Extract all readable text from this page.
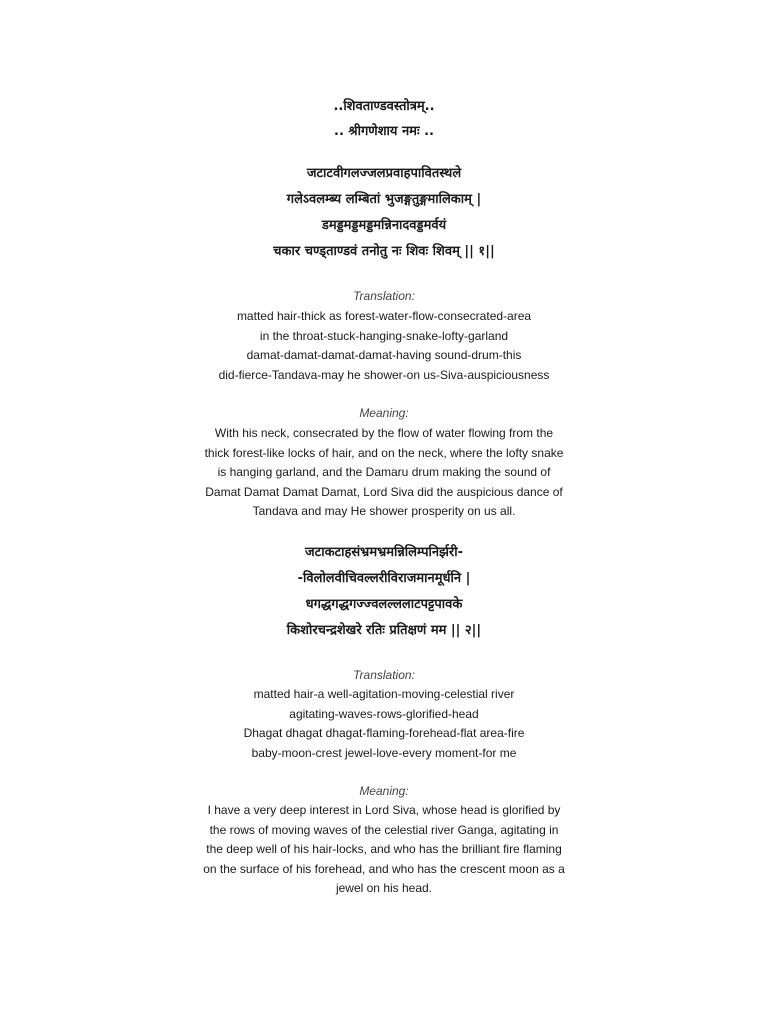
..शिवताण्डवस्तोत्रम्..
.. श्रीगणेशाय नमः ..
जटाटवीगलज्जलप्रवाहपावितस्थले
गलेऽवलम्ब्य लम्बितां भुजङ्गतुङ्गमालिकाम् |
डमड्डमड्डमड्डमन्निनादवड्डमर्वयं
चकार चण्ड्ताण्डवं तनोतु नः शिवः शिवम् || १||
Translation:
matted hair-thick as forest-water-flow-consecrated-area
in the throat-stuck-hanging-snake-lofty-garland
damat-damat-damat-damat-having sound-drum-this
did-fierce-Tandava-may he shower-on us-Siva-auspiciousness
Meaning:
With his neck, consecrated by the flow of water flowing from the
thick forest-like locks of hair, and on the neck, where the lofty snake
is hanging garland, and the Damaru drum making the sound of
Damat Damat Damat Damat, Lord Siva did the auspicious dance of
Tandava and may He shower prosperity on us all.
जटाकटाहसंभ्रमभ्रमन्निलिम्पनिर्झरी-
-विलोलवीचिवल्लरीविराजमानमूर्धनि |
धगद्धगद्धगज्ज्वलल्ललाटपट्टपावके
किशोरचन्द्रशेखरे रतिः प्रतिक्षणं मम || २||
Translation:
matted hair-a well-agitation-moving-celestial river
agitating-waves-rows-glorified-head
Dhagat dhagat dhagat-flaming-forehead-flat area-fire
baby-moon-crest jewel-love-every moment-for me
Meaning:
I have a very deep interest in Lord Siva, whose head is glorified by
the rows of moving waves of the celestial river Ganga, agitating in
the deep well of his hair-locks, and who has the brilliant fire flaming
on the surface of his forehead, and who has the crescent moon as a
jewel on his head.
